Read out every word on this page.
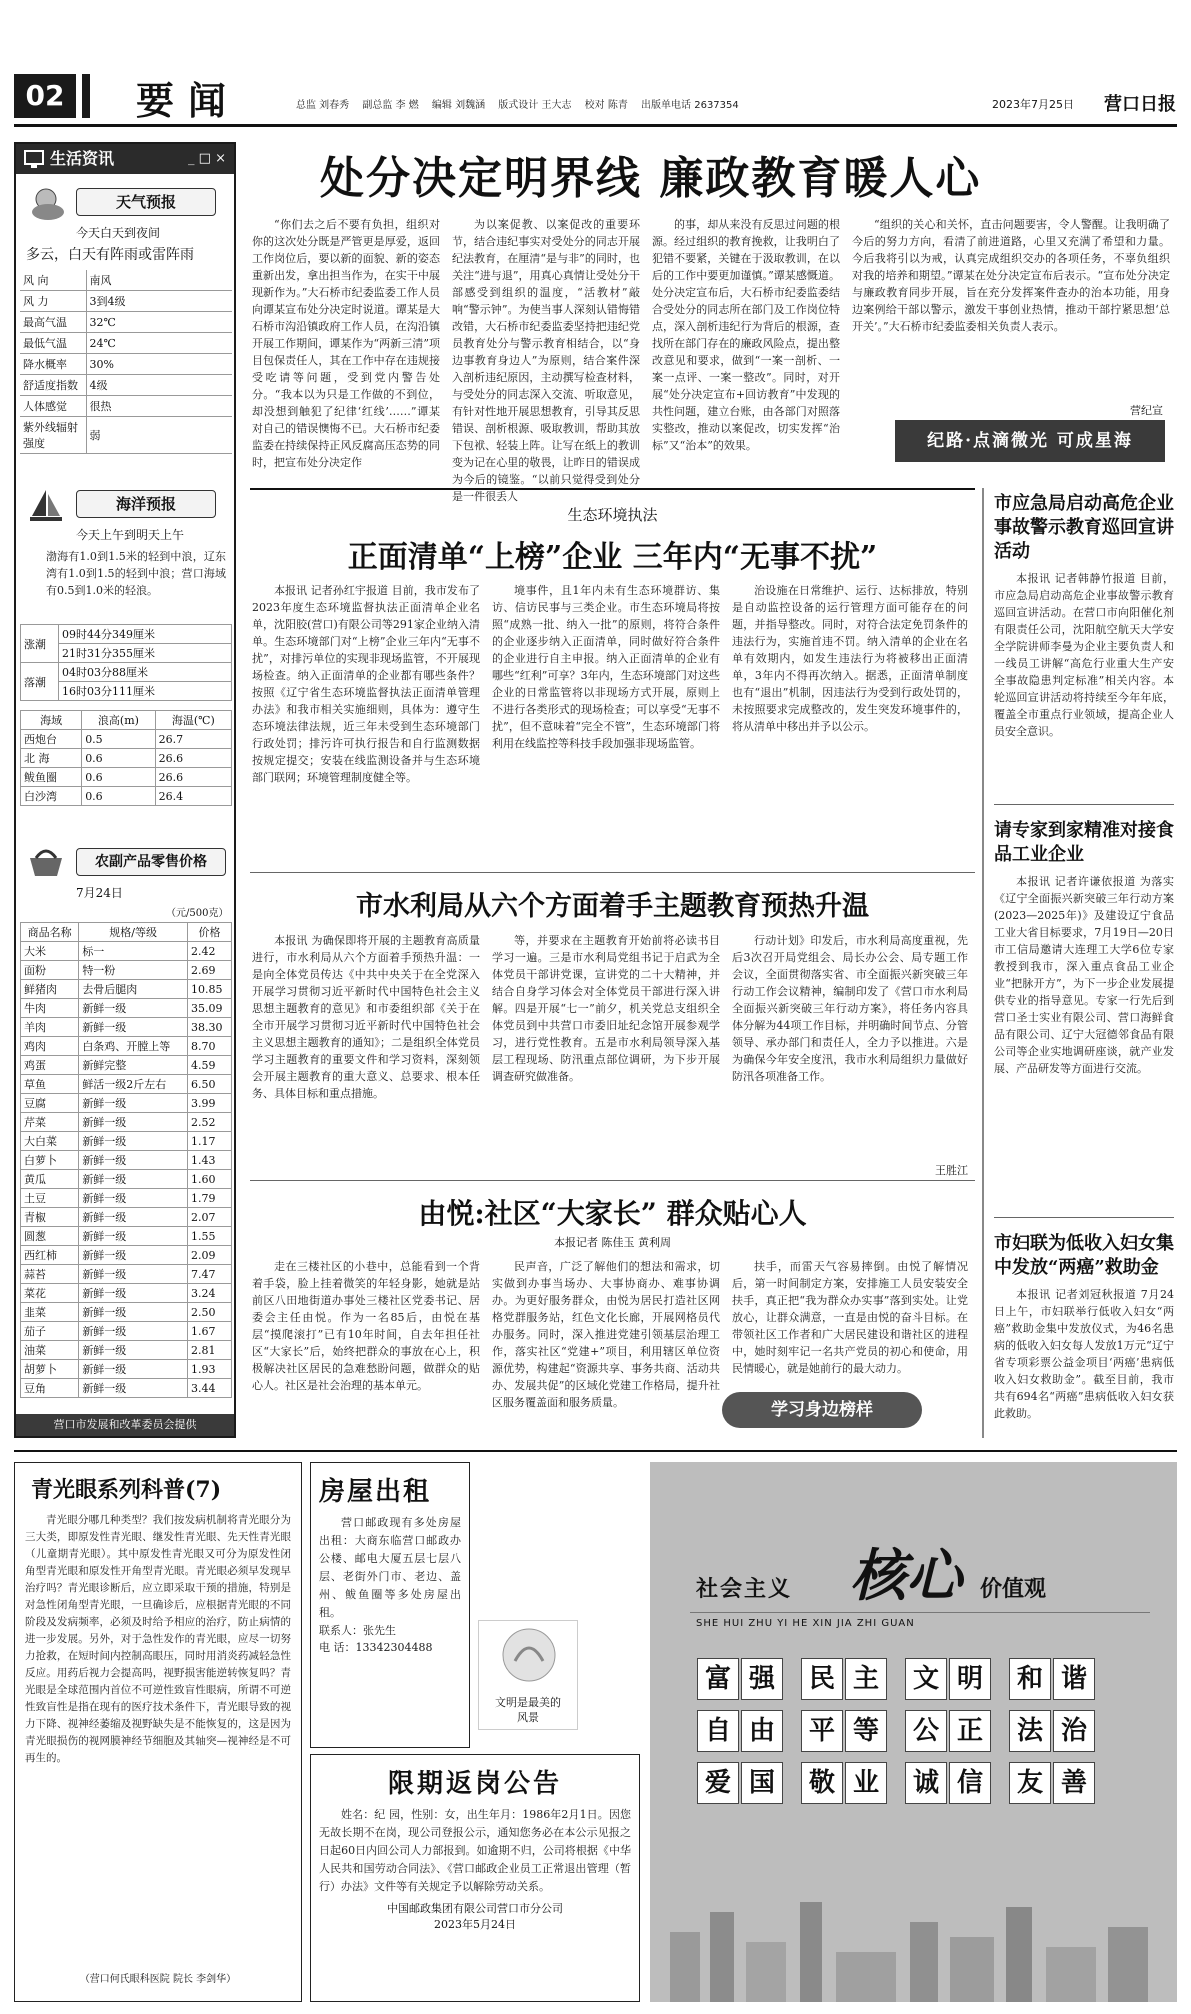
02	要闻	总监 刘春秀 副总监 李 燃 编辑 刘魏涵 版式设计 王大志 校对 陈青 出版单电话 2637354	2023年7月25日 营口日报
生活资讯	_ □ ×
天气预报
今天白天到夜间
多云，白天有阵雨或雷阵雨
风 向	南风
风 力	3到4级
最高气温	32℃
最低气温	24℃
降水概率	30%
舒适度指数	4级
人体感觉	很热
紫外线辐射强度	弱
海洋预报
今天上午到明天上午
渤海有1.0到1.5米的轻到中浪，辽东湾有1.0到1.5的轻到中浪；营口海域有0.5到1.0米的轻浪。
涨潮	09时44分349厘米
	21时31分355厘米
落潮	04时03分88厘米
	16时03分111厘米
海域	浪高(m)	海温(℃)
西炮台	0.5	26.7
北 海	0.6	26.6
鲅鱼圈	0.6	26.6
白沙湾	0.6	26.4
农副产品零售价格
7月24日
（元/500克）
商品名称	规格/等级	价格
大米	标一	2.42
面粉	特一粉	2.69
鲜猪肉	去骨后腿肉	10.85
牛肉	新鲜一级	35.09
羊肉	新鲜一级	38.30
鸡肉	白条鸡、开膛上等	8.70
鸡蛋	新鲜完整	4.59
草鱼	鲜活一级2斤左右	6.50
豆腐	新鲜一级	3.99
芹菜	新鲜一级	2.52
大白菜	新鲜一级	1.17
白萝卜	新鲜一级	1.43
黄瓜	新鲜一级	1.60
土豆	新鲜一级	1.79
青椒	新鲜一级	2.07
圆葱	新鲜一级	1.55
西红柿	新鲜一级	2.09
蒜苔	新鲜一级	7.47
菜花	新鲜一级	3.24
韭菜	新鲜一级	2.50
茄子	新鲜一级	1.67
油菜	新鲜一级	2.81
胡萝卜	新鲜一级	1.93
豆角	新鲜一级	3.44
营口市发展和改革委员会提供
处分决定明界线 廉政教育暖人心

“你们去之后不要有负担，组织对你的这次处分既是严管更是厚爱，返回工作岗位后，要以新的面貌、新的姿态重新出发，拿出担当作为，在实干中展现新作为。”大石桥市纪委监委工作人员向谭某宣布处分决定时说道。谭某是大石桥市沟沿镇政府工作人员，在沟沿镇开展工作期间，谭某作为“两新三清”项目包保责任人，其在工作中存在违规接受吃请等问题，受到党内警告处分。“我本以为只是工作做的不到位，却没想到触犯了纪律‘红线’……”谭某对自己的错误懊悔不已。大石桥市纪委监委在持续保持正风反腐高压态势的同时，把宣布处分决定作

为以案促教、以案促改的重要环节，结合违纪事实对受处分的同志开展纪法教育，在厘清“是与非”的同时，也关注“进与退”，用真心真情让受处分干部感受到组织的温度，“活教材”敲响“警示钟”。为使当事人深刻认错悔错改错，大石桥市纪委监委坚持把违纪党员教育处分与警示教育相结合，以“身边事教育身边人”为原则，结合案件深入剖析违纪原因，主动撰写检查材料，与受处分的同志深入交流、听取意见，有针对性地开展思想教育，引导其反思错误、剖析根源、吸取教训，帮助其放下包袱、轻装上阵。让写在纸上的教训变为记在心里的敬畏，让昨日的错误成为今后的镜鉴。“以前只觉得受到处分是一件很丢人

的事，却从来没有反思过问题的根源。经过组织的教育挽救，让我明白了犯错不要紧，关键在于汲取教训，在以后的工作中要更加谨慎。”谭某感慨道。处分决定宣布后，大石桥市纪委监委结合受处分的同志所在部门及工作岗位特点，深入剖析违纪行为背后的根源，查找所在部门存在的廉政风险点，提出整改意见和要求，做到“一案一剖析、一案一点评、一案一整改”。同时，对开展“处分决定宣布+回访教育”中发现的共性问题，建立台账，由各部门对照落实整改，推动以案促改，切实发挥“治标”又“治本”的效果。

“组织的关心和关怀，直击问题要害，令人警醒。让我明确了今后的努力方向，看清了前进道路，心里又充满了希望和力量。今后我将引以为戒，认真完成组织交办的各项任务，不辜负组织对我的培养和期望。”谭某在处分决定宣布后表示。“宣布处分决定与廉政教育同步开展，旨在充分发挥案件查办的治本功能，用身边案例给干部以警示，激发干事创业热情，推动干部拧紧思想‘总开关’。”大石桥市纪委监委相关负责人表示。

营纪宣
纪路·点滴微光 可成星海
生态环境执法
正面清单“上榜”企业 三年内“无事不扰”

本报讯 记者孙红宇报道 目前，我市发布了2023年度生态环境监督执法正面清单企业名单，沈阳胶(营口)有限公司等291家企业纳入清单。生态环境部门对“上榜”企业三年内“无事不扰”，对排污单位的实现非现场监管，不开展现场检查。纳入正面清单的企业都有哪些条件？按照《辽宁省生态环境监督执法正面清单管理办法》和我市相关实施细则，具体为：遵守生态环境法律法规，近三年未受到生态环境部门行政处罚；排污许可执行报告和自行监测数据按规定提交；安装在线监测设备并与生态环境部门联网；环境管理制度健全等。

境事件，且1年内未有生态环境群访、集访、信访民事与三类企业。市生态环境局将按照“成熟一批、纳入一批”的原则，将符合条件的企业逐步纳入正面清单，同时做好符合条件的企业进行自主申报。纳入正面清单的企业有哪些“红利”可享？3年内，生态环境部门对这些企业的日常监管将以非现场方式开展，原则上不进行各类形式的现场检查；可以享受“无事不扰”，但不意味着“完全不管”，生态环境部门将利用在线监控等科技手段加强非现场监管。

治设施在日常维护、运行、达标排放，特别是自动监控设备的运行管理方面可能存在的问题，并指导整改。同时，对符合法定免罚条件的违法行为，实施首违不罚。纳入清单的企业在名单有效期内，如发生违法行为将被移出正面清单，3年内不得再次纳入。据悉，正面清单制度也有“退出”机制，因违法行为受到行政处罚的，未按照要求完成整改的，发生突发环境事件的，将从清单中移出并予以公示。

市水利局从六个方面着手主题教育预热升温

本报讯 为确保即将开展的主题教育高质量进行，市水利局从六个方面着手预热升温：一是向全体党员传达《中共中央关于在全党深入开展学习贯彻习近平新时代中国特色社会主义思想主题教育的意见》和市委组织部《关于在全市开展学习贯彻习近平新时代中国特色社会主义思想主题教育的通知》；二是组织全体党员学习主题教育的重要文件和学习资料，深刻领会开展主题教育的重大意义、总要求、根本任务、具体目标和重点措施。

等，并要求在主题教育开始前将必读书目学习一遍。三是市水利局党组书记于启武为全体党员干部讲党课，宣讲党的二十大精神，并结合自身学习体会对全体党员干部进行深入讲解。四是开展“七一”前夕，机关党总支组织全体党员到中共营口市委旧址纪念馆开展参观学习，进行党性教育。五是市水利局领导深入基层工程现场、防汛重点部位调研，为下步开展调查研究做准备。

行动计划》印发后，市水利局高度重视，先后3次召开局党组会、局长办公会、局专题工作会议，全面贯彻落实省、市全面振兴新突破三年行动工作会议精神，编制印发了《营口市水利局全面振兴新突破三年行动方案》，将任务内容具体分解为44项工作目标，并明确时间节点、分管领导、承办部门和责任人，全力予以推进。六是为确保今年安全度汛，我市水利局组织力量做好防汛各项准备工作。

王胜江
由悦:社区“大家长” 群众贴心人
本报记者 陈佳玉 黄利周

走在三楼社区的小巷中，总能看到一个背着手袋，脸上挂着微笑的年轻身影，她就是站前区八田地街道办事处三楼社区党委书记、居委会主任由悦。作为一名85后，由悦在基层“摸爬滚打”已有10年时间，自去年担任社区“大家长”后，始终把群众的事放在心上，积极解决社区居民的急难愁盼问题，做群众的贴心人。社区是社会治理的基本单元。

民声音，广泛了解他们的想法和需求，切实做到办事当场办、大事协商办、难事协调办。为更好服务群众，由悦为居民打造社区网格党群服务站，红色文化长廊，开展网格员代办服务。同时，深入推进党建引领基层治理工作，落实社区“党建+”项目，利用辖区单位资源优势，构建起“资源共享、事务共商、活动共办、发展共促”的区域化党建工作格局，提升社区服务覆盖面和服务质量。

扶手，而雷天气容易摔倒。由悦了解情况后，第一时间制定方案，安排施工人员安装安全扶手，真正把“我为群众办实事”落到实处。让党放心，让群众满意，一直是由悦的奋斗目标。在带领社区工作者和广大居民建设和谐社区的进程中，她时刻牢记一名共产党员的初心和使命，用民情暖心，就是她前行的最大动力。

学习身边榜样
市应急局启动高危企业事故警示教育巡回宣讲活动

本报讯 记者韩静竹报道 目前，市应急局启动高危企业事故警示教育巡回宣讲活动。在营口市向阳催化剂有限责任公司，沈阳航空航天大学安全学院讲师李曼为企业主要负责人和一线员工讲解“高危行业重大生产安全事故隐患判定标准”相关内容。本轮巡回宣讲活动将持续至今年年底，覆盖全市重点行业领域，提高企业人员安全意识。

请专家到家精准对接食品工业企业

本报讯 记者许谦依报道 为落实《辽宁全面振兴新突破三年行动方案(2023—2025年)》及建设辽宁食品工业大省目标要求，7月19日—20日市工信局邀请大连理工大学6位专家教授到我市，深入重点食品工业企业“把脉开方”，为下一步企业发展提供专业的指导意见。专家一行先后到营口圣士实业有限公司、营口海鲜食品有限公司、辽宁大冠德邻食品有限公司等企业实地调研座谈，就产业发展、产品研发等方面进行交流。

市妇联为低收入妇女集中发放“两癌”救助金

本报讯 记者刘冠秋报道 7月24日上午，市妇联举行低收入妇女“两癌”救助金集中发放仪式，为46名患病的低收入妇女每人发放1万元“辽宁省专项彩票公益金项目‘两癌’患病低收入妇女救助金”。截至目前，我市共有694名“两癌”患病低收入妇女获此救助。

青光眼系列科普(7)

青光眼分哪几种类型？我们按发病机制将青光眼分为三大类，即原发性青光眼、继发性青光眼、先天性青光眼（儿童期青光眼）。其中原发性青光眼又可分为原发性闭角型青光眼和原发性开角型青光眼。青光眼必须早发现早治疗吗？青光眼诊断后，应立即采取干预的措施，特别是对急性闭角型青光眼，一旦确诊后，应根据青光眼的不同阶段及发病频率，必须及时给予相应的治疗，防止病情的进一步发展。另外，对于急性发作的青光眼，应尽一切努力抢救，在短时间内控制高眼压，同时用消炎药减轻急性反应。用药后视力会提高吗，视野损害能逆转恢复吗？青光眼是全球范围内首位不可逆性致盲性眼病，所谓不可逆性致盲性是指在现有的医疗技术条件下，青光眼导致的视力下降、视神经萎缩及视野缺失是不能恢复的，这是因为青光眼损伤的视网膜神经节细胞及其轴突—视神经是不可再生的。

（营口何氏眼科医院 院长 李剑华）
房屋出租

营口邮政现有多处房屋出租：大商东临营口邮政办公楼、邮电大厦五层七层八层、老街外门市、老边、盖州、鲅鱼圈等多处房屋出租。

联系人：张先生
电 话：13342304488
文明是最美的风景
限期返岗公告

姓名：纪 园，性别：女，出生年月：1986年2月1日。因您无故长期不在岗，现公司登报公示，通知您务必在本公示见报之日起60日内回公司人力部报到。如逾期不归，公司将根据《中华人民共和国劳动合同法》、《营口邮政企业员工正常退出管理（暂行）办法》文件等有关规定予以解除劳动关系。

中国邮政集团有限公司营口市分公司
2023年5月24日
社会主义 核心 价值观
SHE HUI ZHU YI HE XIN JIA ZHI GUAN
富 强 民 主 文 明 和 谐
自 由 平 等 公 正 法 治
爱 国 敬 业 诚 信 友 善
